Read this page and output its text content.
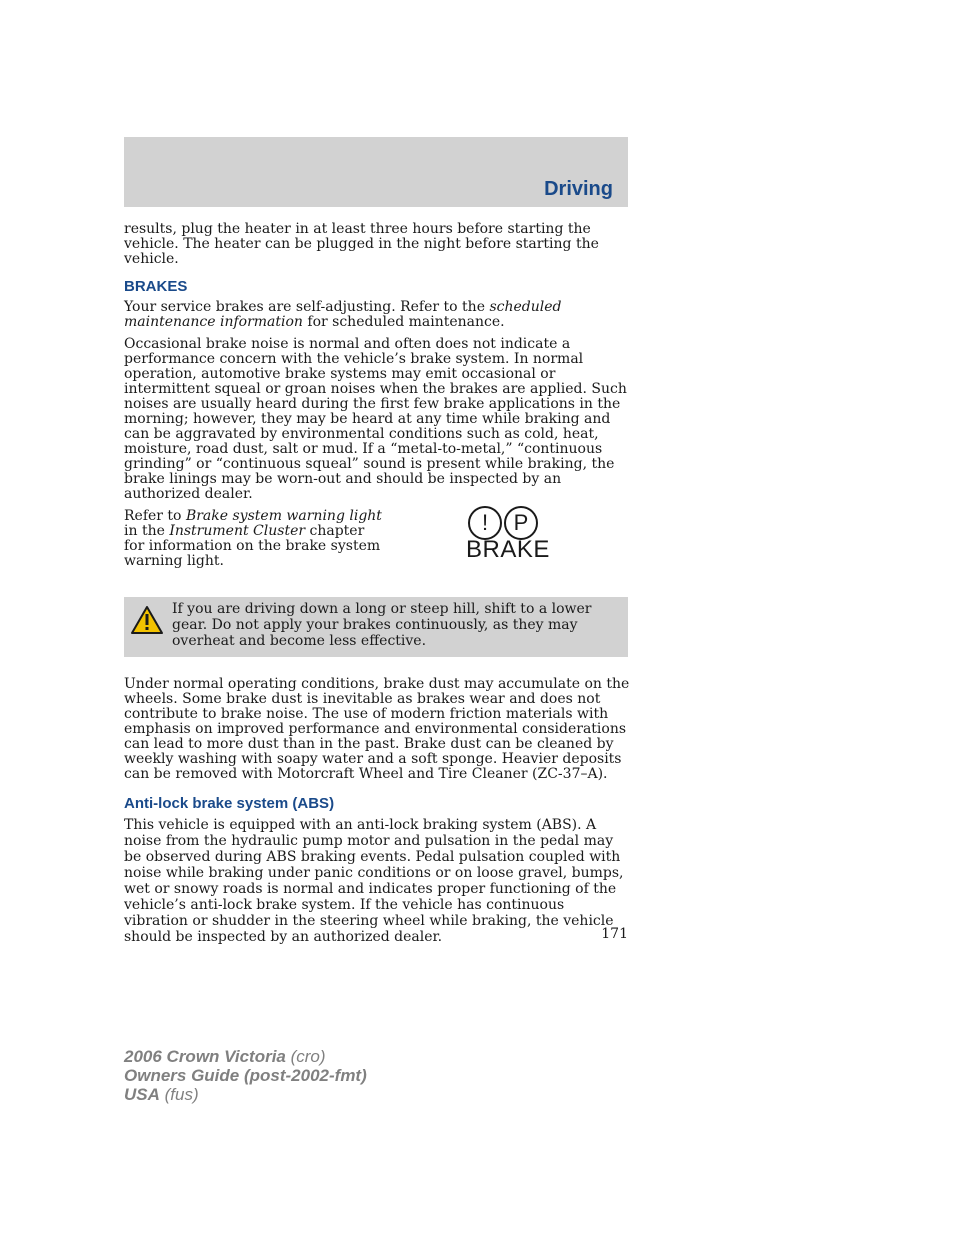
Driving

results, plug the heater in at least three hours before starting the vehicle. The heater can be plugged in the night before starting the vehicle.

BRAKES

Your service brakes are self-adjusting. Refer to the scheduled maintenance information for scheduled maintenance.

Occasional brake noise is normal and often does not indicate a performance concern with the vehicle’s brake system. In normal operation, automotive brake systems may emit occasional or intermittent squeal or groan noises when the brakes are applied. Such noises are usually heard during the first few brake applications in the morning; however, they may be heard at any time while braking and can be aggravated by environmental conditions such as cold, heat, moisture, road dust, salt or mud. If a “metal-to-metal,” “continuous grinding” or “continuous squeal” sound is present while braking, the brake linings may be worn-out and should be inspected by an authorized dealer.

Refer to Brake system warning light in the Instrument Cluster chapter for information on the brake system warning light.
!	P
BRAKE
If you are driving down a long or steep hill, shift to a lower gear. Do not apply your brakes continuously, as they may overheat and become less effective.

Under normal operating conditions, brake dust may accumulate on the wheels. Some brake dust is inevitable as brakes wear and does not contribute to brake noise. The use of modern friction materials with emphasis on improved performance and environmental considerations can lead to more dust than in the past. Brake dust can be cleaned by weekly washing with soapy water and a soft sponge. Heavier deposits can be removed with Motorcraft Wheel and Tire Cleaner (ZC-37–A).

Anti-lock brake system (ABS)

This vehicle is equipped with an anti-lock braking system (ABS). A noise from the hydraulic pump motor and pulsation in the pedal may be observed during ABS braking events. Pedal pulsation coupled with noise while braking under panic conditions or on loose gravel, bumps, wet or snowy roads is normal and indicates proper functioning of the vehicle’s anti-lock brake system. If the vehicle has continuous vibration or shudder in the steering wheel while braking, the vehicle should be inspected by an authorized dealer.	171
2006 Crown Victoria (cro)
Owners Guide (post-2002-fmt)
USA (fus)
